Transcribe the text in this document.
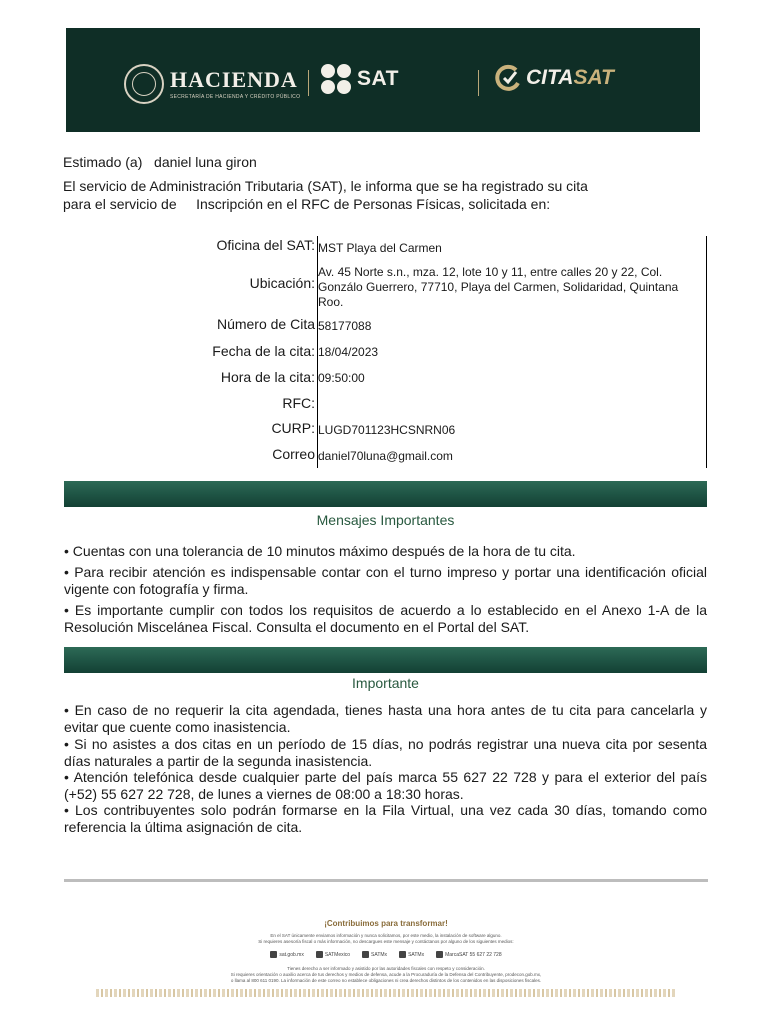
HACIENDA
SECRETARÍA DE HACIENDA Y CRÉDITO PÚBLICO
SAT	CITASAT
Estimado (a) daniel luna giron
El servicio de Administración Tributaria (SAT), le informa que se ha registrado su cita
para el servicio de Inscripción en el RFC de Personas Físicas, solicitada en:
Oficina del SAT: MST Playa del Carmen
Ubicación:
Av. 45 Norte s.n., mza. 12, lote 10 y 11, entre calles 20 y 22, Col. Gonzálo Guerrero, 77710, Playa del Carmen, Solidaridad, Quintana Roo.
Número de Cita 58177088
Fecha de la cita: 18/04/2023
Hora de la cita: 09:50:00
RFC:
CURP: LUGD701123HCSNRN06
Correo daniel70luna@gmail.com
Mensajes Importantes
• Cuentas con una tolerancia de 10 minutos máximo después de la hora de tu cita.
• Para recibir atención es indispensable contar con el turno impreso y portar una identificación oficial vigente con fotografía y firma.
• Es importante cumplir con todos los requisitos de acuerdo a lo establecido en el Anexo 1-A de la Resolución Miscelánea Fiscal. Consulta el documento en el Portal del SAT.
Importante
• En caso de no requerir la cita agendada, tienes hasta una hora antes de tu cita para cancelarla y evitar que cuente como inasistencia.
• Si no asistes a dos citas en un período de 15 días, no podrás registrar una nueva cita por sesenta días naturales a partir de la segunda inasistencia.
• Atención telefónica desde cualquier parte del país marca 55 627 22 728 y para el exterior del país (+52) 55 627 22 728, de lunes a viernes de 08:00 a 18:30 horas.
• Los contribuyentes solo podrán formarse en la Fila Virtual, una vez cada 30 días, tomando como referencia la última asignación de cita.
¡Contribuimos para transformar!
En el SAT únicamente enviamos información y nunca solicitamos, por este medio, la instalación de software alguno.
Si requieres asesoría fiscal o más información, no descargues este mensaje y contáctanos por alguno de los siguientes medios:
sat.gob.mx	SATMexico	SATMx	SATMx	MarcaSAT 55 627 22 728
Tienes derecho a ser informado y asistido por las autoridades fiscales con respeto y consideración.
Si requieres orientación o auxilio acerca de tus derechos y medios de defensa, acude a la Procuraduría de la Defensa del Contribuyente, prodecon.gob.mx,
o llama al 800 611 0190. La información de este correo no establece obligaciones ni crea derechos distintos de los contenidos en las disposiciones fiscales.
